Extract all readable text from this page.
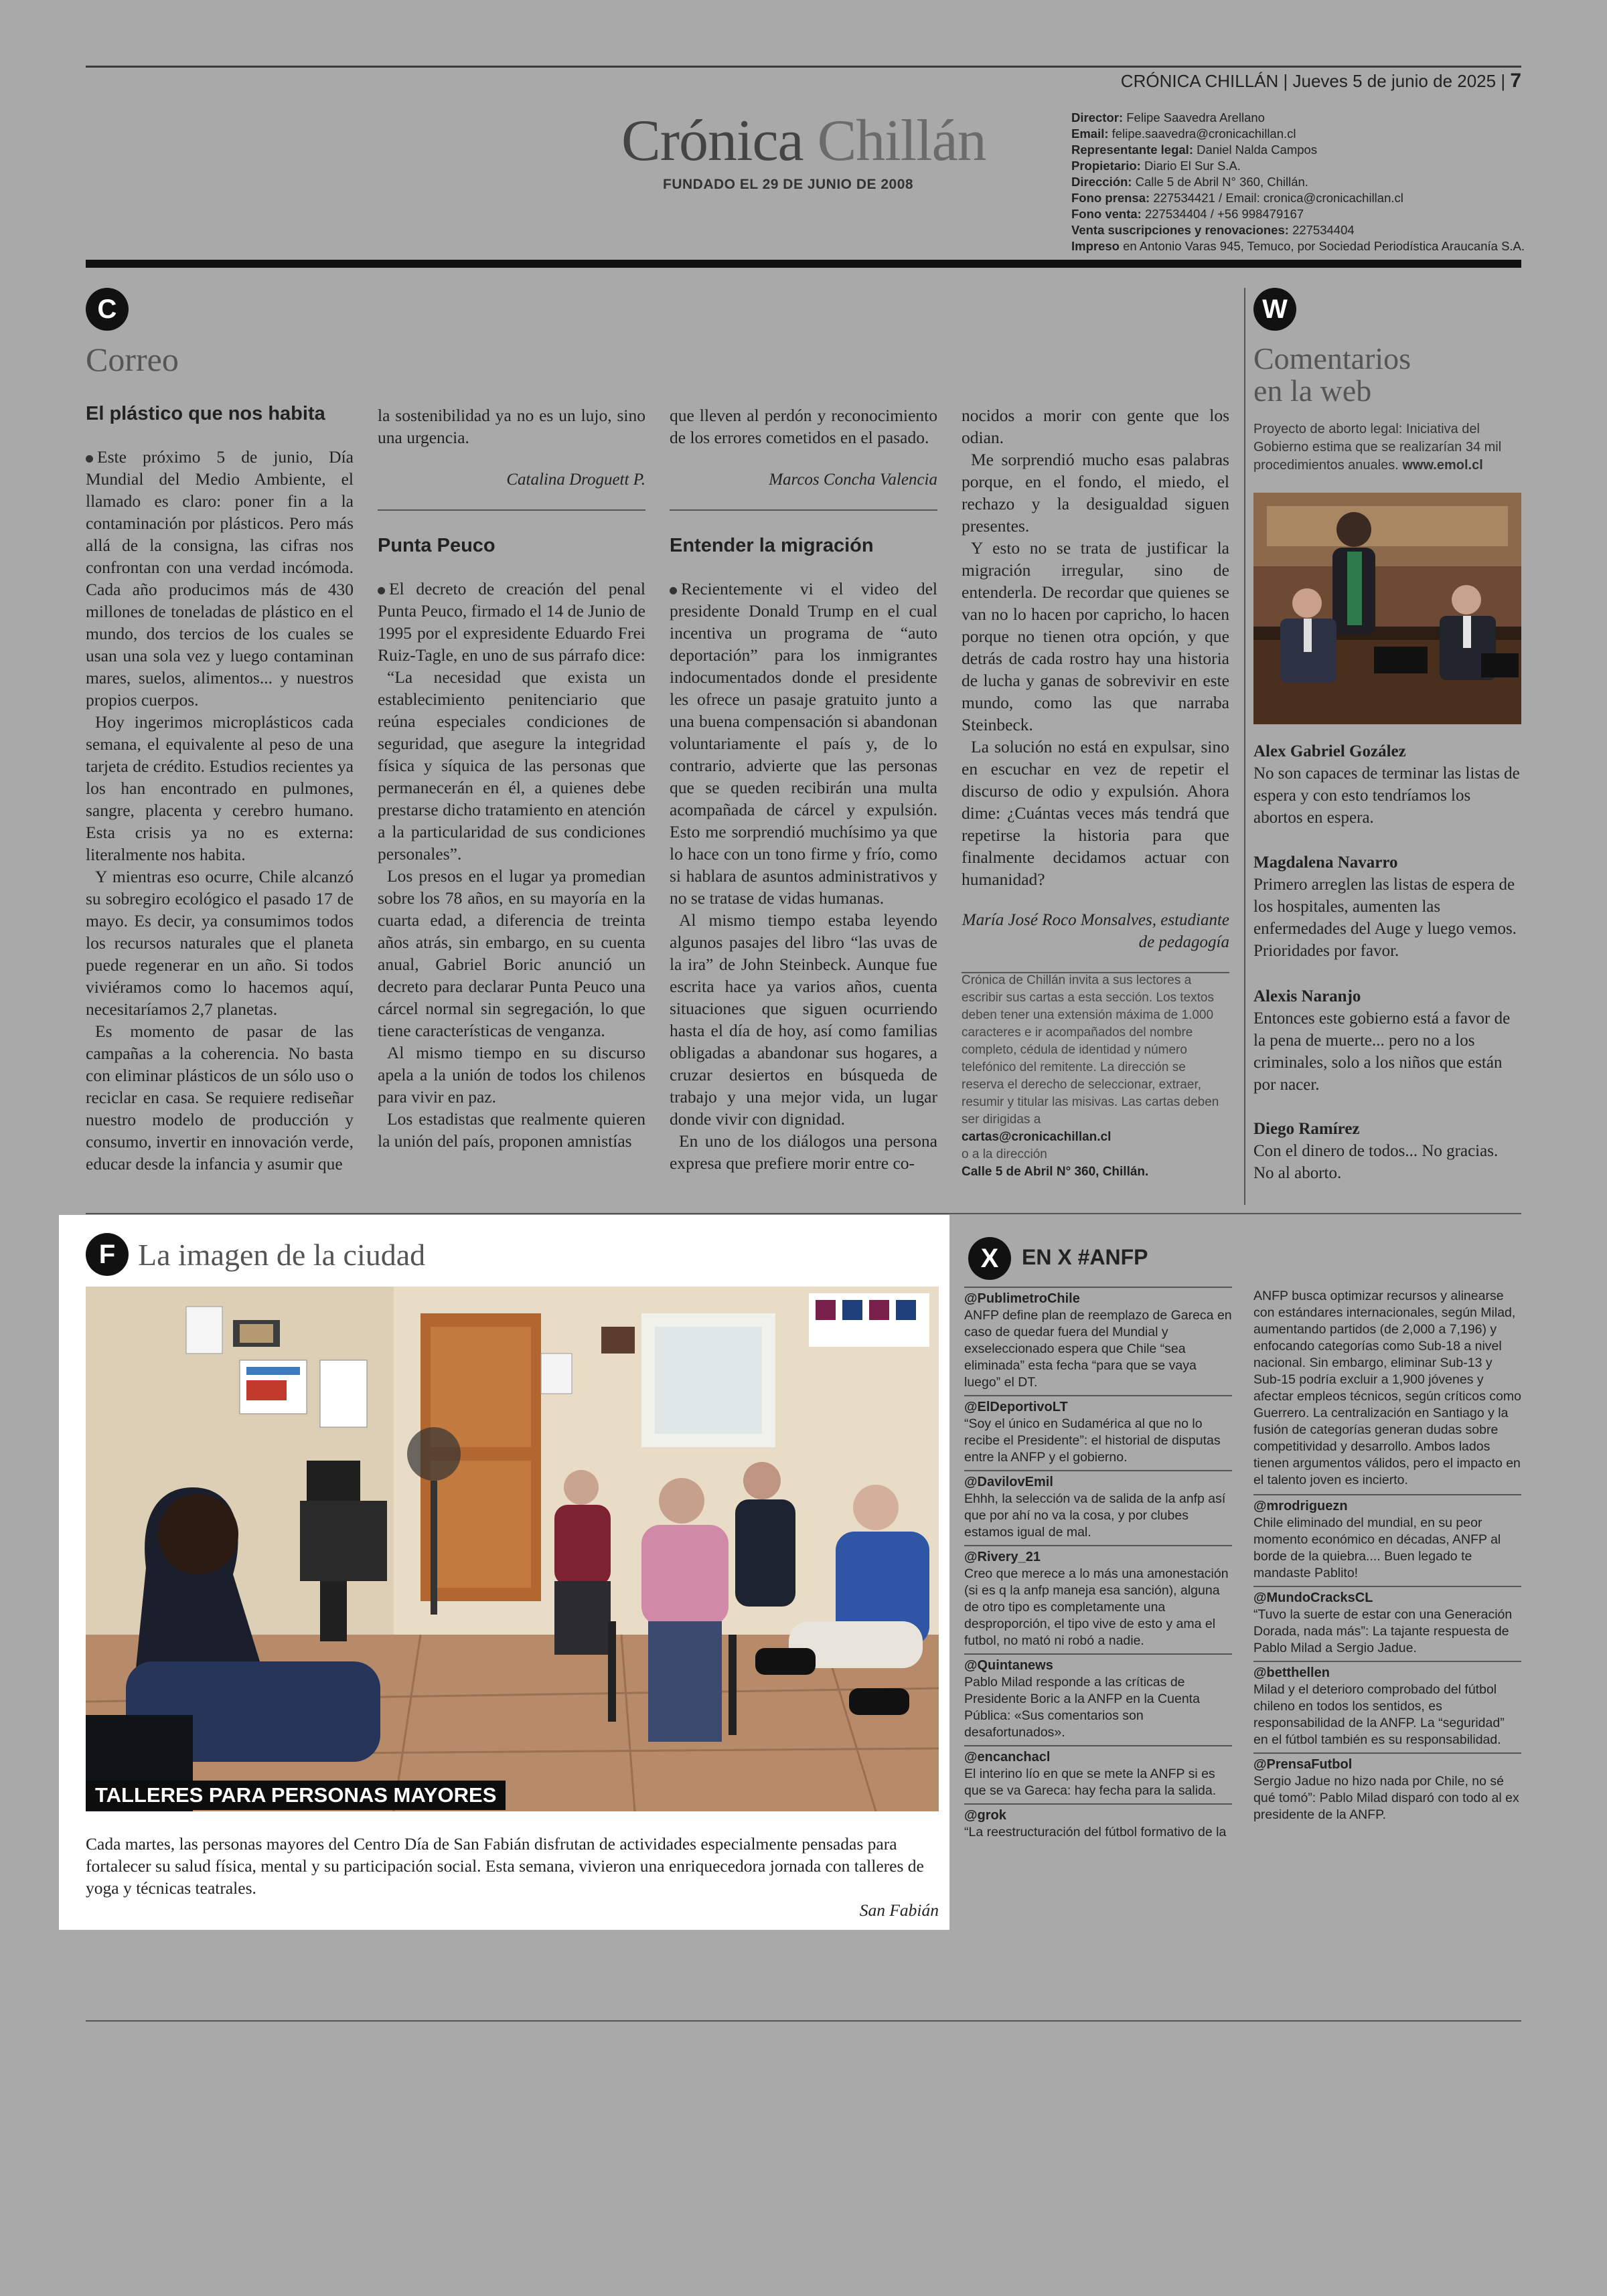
CRÓNICA CHILLÁN | Jueves 5 de junio de 2025 | 7
Crónica Chillán
FUNDADO EL 29 DE JUNIO DE 2008
Director: Felipe Saavedra Arellano
Email: felipe.saavedra@cronicachillan.cl
Representante legal: Daniel Nalda Campos
Propietario: Diario El Sur S.A.
Dirección: Calle 5 de Abril N° 360, Chillán.
Fono prensa: 227534421 / Email: cronica@cronicachillan.cl
Fono venta: 227534404 / +56 998479167
Venta suscripciones y renovaciones: 227534404
Impreso en Antonio Varas 945, Temuco, por Sociedad Periodística Araucanía S.A.
C
Correo
El plástico que nos habita

Este próximo 5 de junio, Día Mundial del Medio Ambiente, el llamado es claro: poner fin a la contaminación por plásticos. Pero más allá de la consigna, las cifras nos confrontan con una verdad incómoda. Cada año producimos más de 430 millones de toneladas de plástico en el mundo, dos tercios de los cuales se usan una sola vez y luego contaminan mares, suelos, alimentos... y nuestros propios cuerpos.

Hoy ingerimos microplásticos cada semana, el equivalente al peso de una tarjeta de crédito. Estudios recientes ya los han encontrado en pulmones, sangre, placenta y cerebro humano. Esta crisis ya no es externa: literalmente nos habita.

Y mientras eso ocurre, Chile alcanzó su sobregiro ecológico el pasado 17 de mayo. Es decir, ya consumimos todos los recursos naturales que el planeta puede regenerar en un año. Si todos viviéramos como lo hacemos aquí, necesitaríamos 2,7 planetas.

Es momento de pasar de las campañas a la coherencia. No basta con eliminar plásticos de un sólo uso o reciclar en casa. Se requiere rediseñar nuestro modelo de producción y consumo, invertir en innovación verde, educar desde la infancia y asumir que

la sostenibilidad ya no es un lujo, sino una urgencia.

Catalina Droguett P.
Punta Peuco

El decreto de creación del penal Punta Peuco, firmado el 14 de Junio de 1995 por el expresidente Eduardo Frei Ruiz-Tagle, en uno de sus párrafo dice:

“La necesidad que exista un establecimiento penitenciario que reúna especiales condiciones de seguridad, que asegure la integridad física y síquica de las personas que permanecerán en él, a quienes debe prestarse dicho tratamiento en atención a la particularidad de sus condiciones personales”.

Los presos en el lugar ya promedian sobre los 78 años, en su mayoría en la cuarta edad, a diferencia de treinta años atrás, sin embargo, en su cuenta anual, Gabriel Boric anunció un decreto para declarar Punta Peuco una cárcel normal sin segregación, lo que tiene características de venganza.

Al mismo tiempo en su discurso apela a la unión de todos los chilenos para vivir en paz.

Los estadistas que realmente quieren la unión del país, proponen amnistías

que lleven al perdón y reconocimiento de los errores cometidos en el pasado.

Marcos Concha Valencia
Entender la migración

Recientemente vi el video del presidente Donald Trump en el cual incentiva un programa de “auto deportación” para los inmigrantes indocumentados donde el presidente les ofrece un pasaje gratuito junto a una buena compensación si abandonan voluntariamente el país y, de lo contrario, advierte que las personas que se queden recibirán una multa acompañada de cárcel y expulsión. Esto me sorprendió muchísimo ya que lo hace con un tono firme y frío, como si hablara de asuntos administrativos y no se tratase de vidas humanas.

Al mismo tiempo estaba leyendo algunos pasajes del libro “las uvas de la ira” de John Steinbeck. Aunque fue escrita hace ya varios años, cuenta situaciones que siguen ocurriendo hasta el día de hoy, así como familias obligadas a abandonar sus hogares, a cruzar desiertos en búsqueda de trabajo y una mejor vida, un lugar donde vivir con dignidad.

En uno de los diálogos una persona expresa que prefiere morir entre co-

nocidos a morir con gente que los odian.

Me sorprendió mucho esas palabras porque, en el fondo, el miedo, el rechazo y la desigualdad siguen presentes.

Y esto no se trata de justificar la migración irregular, sino de entenderla. De recordar que quienes se van no lo hacen por capricho, lo hacen porque no tienen otra opción, y que detrás de cada rostro hay una historia de lucha y ganas de sobrevivir en este mundo, como las que narraba Steinbeck.

La solución no está en expulsar, sino en escuchar en vez de repetir el discurso de odio y expulsión. Ahora dime: ¿Cuántas veces más tendrá que repetirse la historia para que finalmente decidamos actuar con humanidad?

María José Roco Monsalves, estudiante de pedagogía
Crónica de Chillán invita a sus lectores a escribir sus cartas a esta sección. Los textos deben tener una extensión máxima de 1.000 caracteres e ir acompañados del nombre completo, cédula de identidad y número telefónico del remitente. La dirección se reserva el derecho de seleccionar, extraer, resumir y titular las misivas. Las cartas deben ser dirigidas a
cartas@cronicachillan.cl
o a la dirección
Calle 5 de Abril N° 360, Chillán.
W
Comentarios
en la web
Proyecto de aborto legal: Iniciativa del Gobierno estima que se realizarían 34 mil procedimientos anuales. www.emol.cl
Alex Gabriel Gozález
No son capaces de terminar las listas de espera y con esto tendríamos los abortos en espera.
Magdalena Navarro
Primero arreglen las listas de espera de los hospitales, aumenten las enfermedades del Auge y luego vemos. Prioridades por favor.
Alexis Naranjo
Entonces este gobierno está a favor de la pena de muerte... pero no a los criminales, solo a los niños que están por nacer.
Diego Ramírez
Con el dinero de todos... No gracias. No al aborto.
F La imagen de la ciudad
TALLERES PARA PERSONAS MAYORES
Cada martes, las personas mayores del Centro Día de San Fabián disfrutan de actividades especialmente pensadas para fortalecer su salud física, mental y su participación social. Esta semana, vivieron una enriquecedora jornada con talleres de yoga y técnicas teatrales.
San Fabián
X	EN X #ANFP
@PublimetroChile
ANFP define plan de reemplazo de Gareca en caso de quedar fuera del Mundial y exseleccionado espera que Chile “sea eliminada” esta fecha “para que se vaya luego” el DT.
@ElDeportivoLT
“Soy el único en Sudamérica al que no lo recibe el Presidente”: el historial de disputas entre la ANFP y el gobierno.
@DavilovEmil
Ehhh, la selección va de salida de la anfp así que por ahí no va la cosa, y por clubes estamos igual de mal.
@Rivery_21
Creo que merece a lo más una amonestación (si es q la anfp maneja esa sanción), alguna de otro tipo es completamente una desproporción, el tipo vive de esto y ama el futbol, no mató ni robó a nadie.
@Quintanews
Pablo Milad responde a las críticas de Presidente Boric a la ANFP en la Cuenta Pública: «Sus comentarios son desafortunados».
@encanchacl
El interino lío en que se mete la ANFP si es que se va Gareca: hay fecha para la salida.
@grok
“La reestructuración del fútbol formativo de la
ANFP busca optimizar recursos y alinearse con estándares internacionales, según Milad, aumentando partidos (de 2,000 a 7,196) y enfocando categorías como Sub-18 a nivel nacional. Sin embargo, eliminar Sub-13 y Sub-15 podría excluir a 1,900 jóvenes y afectar empleos técnicos, según críticos como Guerrero. La centralización en Santiago y la fusión de categorías generan dudas sobre competitividad y desarrollo. Ambos lados tienen argumentos válidos, pero el impacto en el talento joven es incierto.
@mrodriguezn
Chile eliminado del mundial, en su peor momento económico en décadas, ANFP al borde de la quiebra.... Buen legado te mandaste Pablito!
@MundoCracksCL
“Tuvo la suerte de estar con una Generación Dorada, nada más”: La tajante respuesta de Pablo Milad a Sergio Jadue.
@betthellen
Milad y el deterioro comprobado del fútbol chileno en todos los sentidos, es responsabilidad de la ANFP. La “seguridad” en el fútbol también es su responsabilidad.
@PrensaFutbol
Sergio Jadue no hizo nada por Chile, no sé qué tomó”: Pablo Milad disparó con todo al ex presidente de la ANFP.
